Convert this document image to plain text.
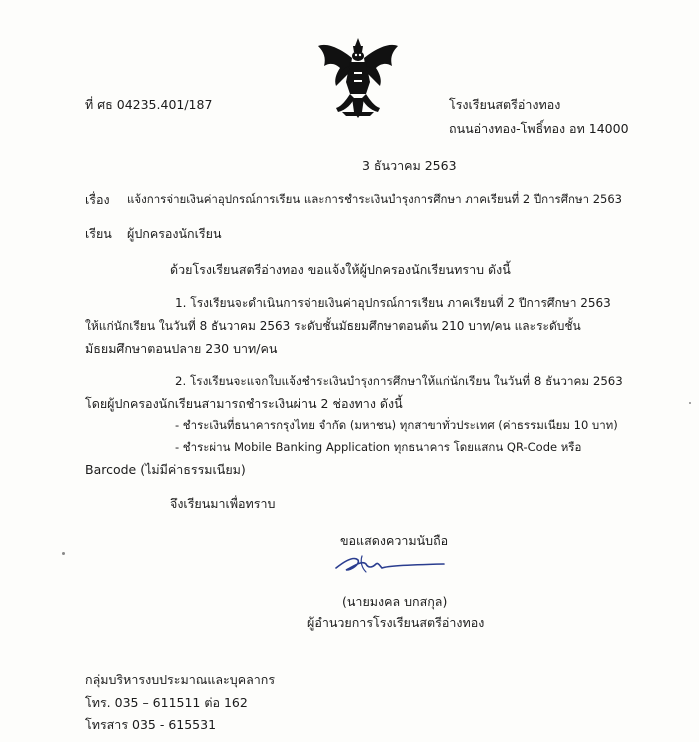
ที่ ศธ 04235.401/187	โรงเรียนสตรีอ่างทอง
ถนนอ่างทอง-โพธิ์ทอง อท 14000
3 ธันวาคม 2563
เรื่อง แจ้งการจ่ายเงินค่าอุปกรณ์การเรียน และการชำระเงินบำรุงการศึกษา ภาคเรียนที่ 2 ปีการศึกษา 2563
เรียน ผู้ปกครองนักเรียน
ด้วยโรงเรียนสตรีอ่างทอง ขอแจ้งให้ผู้ปกครองนักเรียนทราบ ดังนี้
1. โรงเรียนจะดำเนินการจ่ายเงินค่าอุปกรณ์การเรียน ภาคเรียนที่ 2 ปีการศึกษา 2563
ให้แก่นักเรียน ในวันที่ 8 ธันวาคม 2563 ระดับชั้นมัธยมศึกษาตอนต้น 210 บาท/คน และระดับชั้น
มัธยมศึกษาตอนปลาย 230 บาท/คน
2. โรงเรียนจะแจกใบแจ้งชำระเงินบำรุงการศึกษาให้แก่นักเรียน ในวันที่ 8 ธันวาคม 2563
โดยผู้ปกครองนักเรียนสามารถชำระเงินผ่าน 2 ช่องทาง ดังนี้
- ชำระเงินที่ธนาคารกรุงไทย จำกัด (มหาชน) ทุกสาขาทั่วประเทศ (ค่าธรรมเนียม 10 บาท)
- ชำระผ่าน Mobile Banking Application ทุกธนาคาร โดยแสกน QR-Code หรือ
Barcode (ไม่มีค่าธรรมเนียม)
จึงเรียนมาเพื่อทราบ
ขอแสดงความนับถือ
(นายมงคล บกสกุล)
ผู้อำนวยการโรงเรียนสตรีอ่างทอง
กลุ่มบริหารงบประมาณและบุคลากร
โทร. 035 – 611511 ต่อ 162
โทรสาร 035 - 615531
